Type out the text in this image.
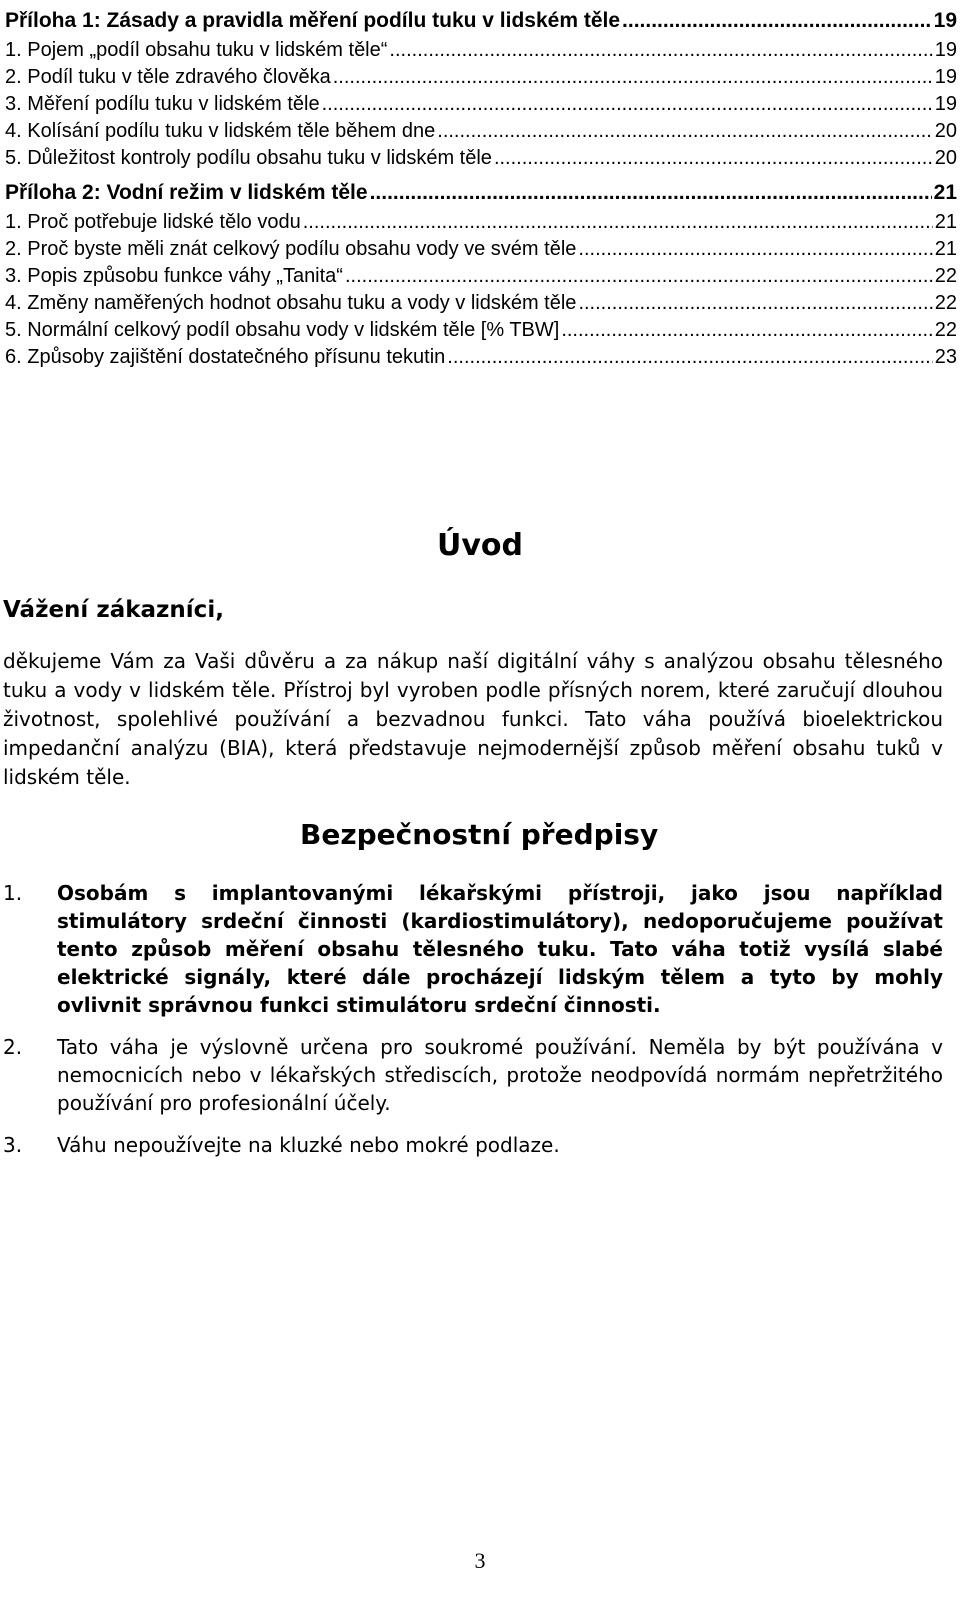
Příloha 1: Zásady a pravidla měření podílu tuku v lidském těle .....	19
1. Pojem „podíl obsahu tuku v lidském těle“ .....	19
2. Podíl tuku v těle zdravého člověka .....	19
3. Měření podílu tuku v lidském těle .....	19
4. Kolísání podílu tuku v lidském těle během dne .....	20
5. Důležitost kontroly podílu obsahu tuku v lidském těle .....	20
Příloha 2: Vodní režim v lidském těle .....	21
1. Proč potřebuje lidské tělo vodu .....	21
2. Proč byste měli znát celkový podílu obsahu vody ve svém těle .....	21
3. Popis způsobu funkce váhy „Tanita“ .....	22
4. Změny naměřených hodnot obsahu tuku a vody v lidském těle .....	22
5. Normální celkový podíl obsahu vody v lidském těle [% TBW] .....	22
6. Způsoby zajištění dostatečného přísunu tekutin .....	23
Úvod
Vážení zákazníci,
děkujeme Vám za Vaši důvěru a za nákup naší digitální váhy s analýzou obsahu tělesného tuku a vody v lidském těle. Přístroj byl vyroben podle přísných norem, které zaručují dlouhou životnost, spolehlivé používání a bezvadnou funkci. Tato váha používá bioelektrickou impedanční analýzu (BIA), která představuje nejmodernější způsob měření obsahu tuků v lidském těle.
Bezpečnostní předpisy
1.	Osobám s implantovanými lékařskými přístroji, jako jsou například stimulátory srdeční činnosti (kardiostimulátory), nedoporučujeme používat tento způsob měření obsahu tělesného tuku. Tato váha totiž vysílá slabé elektrické signály, které dále procházejí lidským tělem a tyto by mohly ovlivnit správnou funkci stimulátoru srdeční činnosti.
2.	Tato váha je výslovně určena pro soukromé používání. Neměla by být používána v nemocnicích nebo v lékařských střediscích, protože neodpovídá normám nepřetržitého používání pro profesionální účely.
3.	Váhu nepoužívejte na kluzké nebo mokré podlaze.
3
